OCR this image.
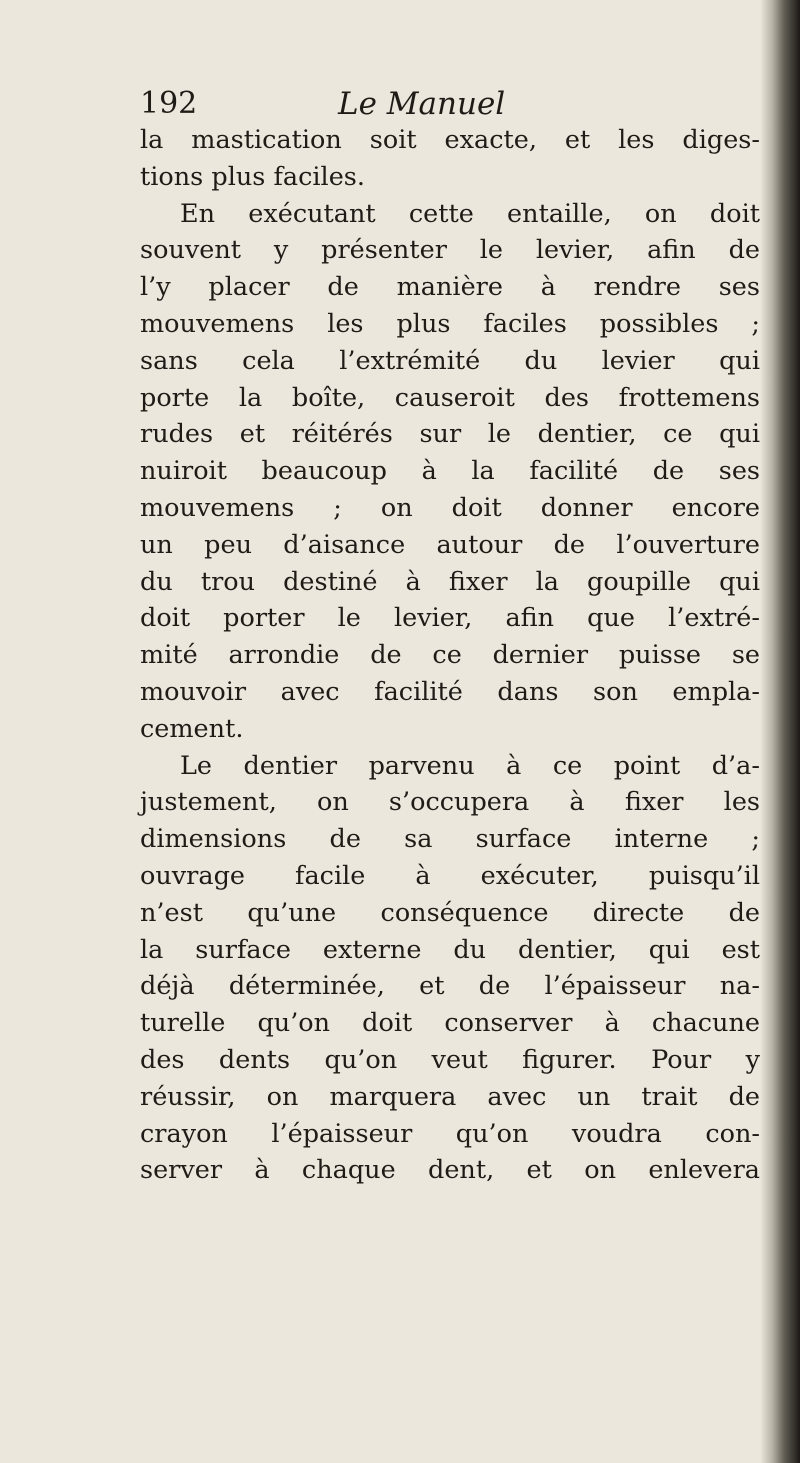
192	Le Manuel
la mastication soit exacte, et les diges-
tions plus faciles.
En exécutant cette entaille, on doit
souvent y présenter le levier, afin de
l’y placer de manière à rendre ses
mouvemens les plus faciles possibles ;
sans cela l’extrémité du levier qui
porte la boîte, causeroit des frottemens
rudes et réitérés sur le dentier, ce qui
nuiroit beaucoup à la facilité de ses
mouvemens ; on doit donner encore
un peu d’aisance autour de l’ouverture
du trou destiné à fixer la goupille qui
doit porter le levier, afin que l’extré-
mité arrondie de ce dernier puisse se
mouvoir avec facilité dans son empla-
cement.
Le dentier parvenu à ce point d’a-
justement, on s’occupera à fixer les
dimensions de sa surface interne ;
ouvrage facile à exécuter, puisqu’il
n’est qu’une conséquence directe de
la surface externe du dentier, qui est
déjà déterminée, et de l’épaisseur na-
turelle qu’on doit conserver à chacune
des dents qu’on veut figurer. Pour y
réussir, on marquera avec un trait de
crayon l’épaisseur qu’on voudra con-
server à chaque dent, et on enlevera
